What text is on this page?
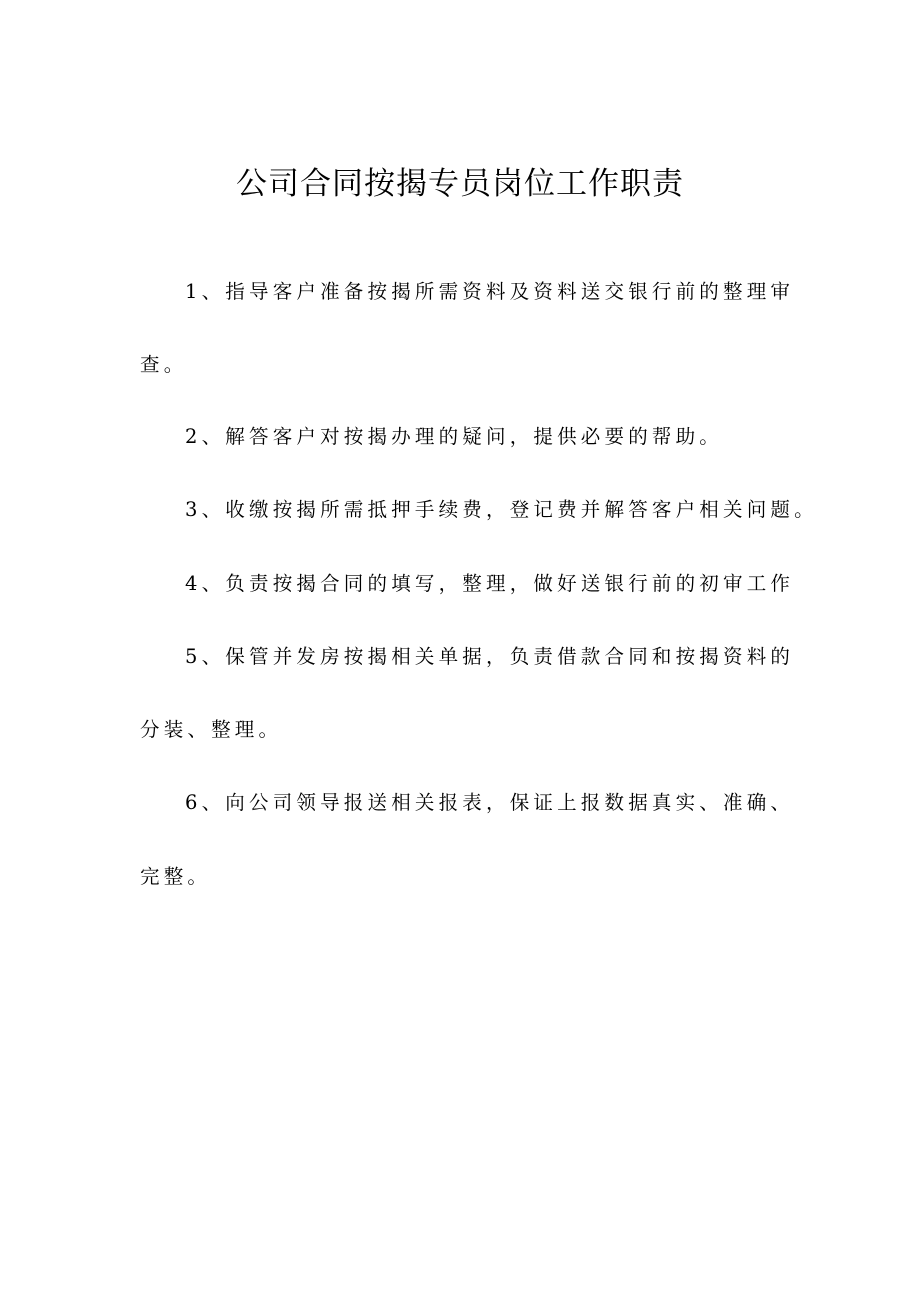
公司合同按揭专员岗位工作职责

1、指导客户准备按揭所需资料及资料送交银行前的整理审

查。

2、解答客户对按揭办理的疑问，提供必要的帮助。

3、收缴按揭所需抵押手续费，登记费并解答客户相关问题。

4、负责按揭合同的填写，整理，做好送银行前的初审工作

5、保管并发房按揭相关单据，负责借款合同和按揭资料的

分装、整理。

6、向公司领导报送相关报表，保证上报数据真实、准确、

完整。
